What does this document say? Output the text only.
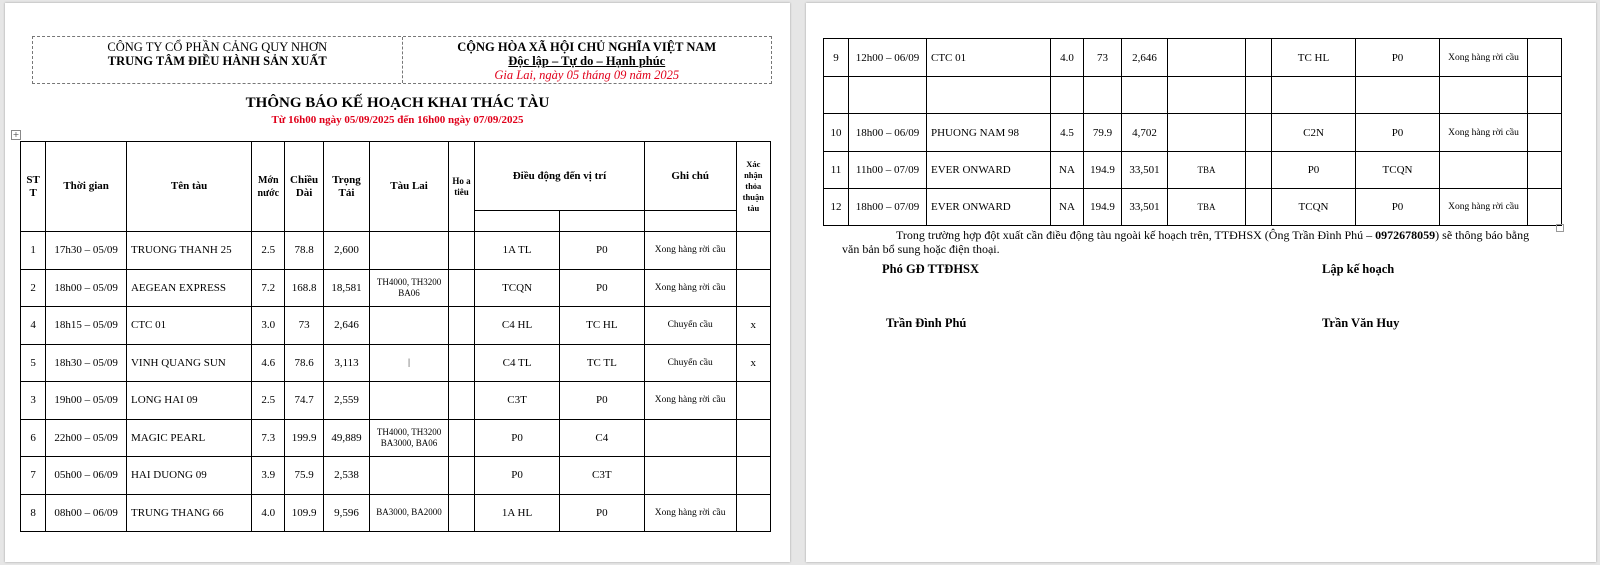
CÔNG TY CỔ PHẦN CẢNG QUY NHƠN
TRUNG TÂM ĐIỀU HÀNH SẢN XUẤT
CỘNG HÒA XÃ HỘI CHỦ NGHĨA VIỆT NAM
Độc lập – Tự do – Hạnh phúc
Gia Lai, ngày 05 tháng 09 năm 2025
THÔNG BÁO KẾ HOẠCH KHAI THÁC TÀU
Từ 16h00 ngày 05/09/2025 đến 16h00 ngày 07/09/2025
+
ST T	Thời gian	Tên tàu	Mớn nước	Chiều Dài	Trọng Tải	Tàu Lai	Ho a tiêu	Điều động đến vị trí		Ghi chú	Xác nhận thỏa thuận tàu

1	17h30 – 05/09	TRUONG THANH 25	2.5	78.8	2,600			1A TL	P0	Xong hàng rời cầu	
2	18h00 – 05/09	AEGEAN EXPRESS	7.2	168.8	18,581	TH4000, TH3200 BA06		TCQN	P0	Xong hàng rời cầu	
4	18h15 – 05/09	CTC 01	3.0	73	2,646			C4 HL	TC HL	Chuyển cầu	x
5	18h30 – 05/09	VINH QUANG SUN	4.6	78.6	3,113	|		C4 TL	TC TL	Chuyển cầu	x
3	19h00 – 05/09	LONG HAI 09	2.5	74.7	2,559			C3T	P0	Xong hàng rời cầu	
6	22h00 – 05/09	MAGIC PEARL	7.3	199.9	49,889	TH4000, TH3200 BA3000, BA06		P0	C4		
7	05h00 – 06/09	HAI DUONG 09	3.9	75.9	2,538			P0	C3T		
8	08h00 – 06/09	TRUNG THANG 66	4.0	109.9	9,596	BA3000, BA2000		1A HL	P0	Xong hàng rời cầu	
9	12h00 – 06/09	CTC 01	4.0	73	2,646			TC HL	P0	Xong hàng rời cầu	

10	18h00 – 06/09	PHUONG NAM 98	4.5	79.9	4,702			C2N	P0	Xong hàng rời cầu	
11	11h00 – 07/09	EVER ONWARD	NA	194.9	33,501	TBA		P0	TCQN		
12	18h00 – 07/09	EVER ONWARD	NA	194.9	33,501	TBA		TCQN	P0	Xong hàng rời cầu	
Trong trường hợp đột xuất cần điều động tàu ngoài kế hoạch trên, TTĐHSX (Ông Trần Đình Phú – 0972678059) sẽ thông báo bằng văn bản bổ sung hoặc điện thoại.
Phó GĐ TTĐHSX	Lập kế hoạch
Trần Đình Phú	Trần Văn Huy
